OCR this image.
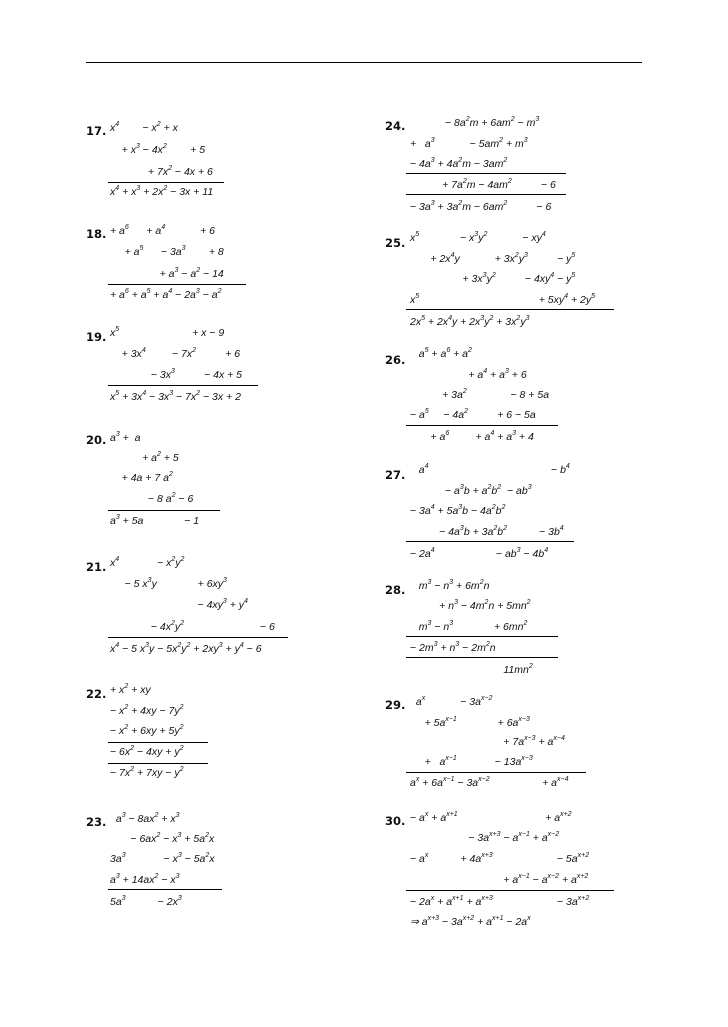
17. $x^4$        − $x^2 + x$
+ $x^3 - 4x^2$        + 5
+ $7x^2 - 4x + 6$
$x^4 + x^3 + 2x^2 - 3x + 11$
18. + $a^6$      + $a^4$            + 6
+ $a^5$      − $3a^3$        + 8
+ $a^3 - a^2 - 14$
+ $a^6 + a^5 + a^4 - 2a^3 - a^2$
19. $x^5$                         + x − 9
+ $3x^4$         − $7x^2$          + 6
− $3x^3$          − 4x + 5
$x^5 + 3x^4 - 3x^3 - 7x^2 - 3x + 2$
20. $a^3 + a$
+ $a^2 + 5$
+ 4a + 7 $a^2$
− 8 $a^2 - 6$
$a^3 + 5a$              − 1
21. $x^4$             − $x^2y^2$
− 5 $x^3y$              + $6xy^3$
− $4xy^3 + y^4$
− $4x^2y^2$                          − 6
$x^4 - 5$ $x^3y - 5x^2y^2 + 2xy^3 + y^4 - 6$
22. + $x^2$ + xy
− $x^2 + 4xy - 7y^2$
− $x^2 + 6xy + 5y^2$
− $6x^2 - 4xy + y^2$
− $7x^2 + 7xy - y^2$
23. $a^3 - 8ax^2 + x^3$
− $6ax^2 - x^3 + 5a^2x$
$3a^3$             − $x^3 - 5a^2x$
$a^3 + 14ax^2 - x^3$
$5a^3$           − $2x^3$
24. − $8a^2m + 6am^2 - m^3$
+   $a^3$            − $5am^2 + m^3$
− $4a^3 + 4a^2m - 3am^2$
+ $7a^2m - 4am^2$          − 6
− $3a^3 + 3a^2m - 6am^2$          − 6
25. $x^5$              − $x^3y^2$            − $xy^4$
+ $2x^4y$            + $3x^2y^3$          − $y^5$
+ $3x^3y^2$          − $4xy^4 - y^5$
$x^5$                                         + $5xy^4 + 2y^5$
$2x^5 + 2x^4y + 2x^3y^2 + 3x^2y^3$
26. $a^5 + a^6 + a^2$
+ $a^4 + a^3 + 6$
+ $3a^2$               − 8 + 5a
− $a^5$     − $4a^2$          + 6 − 5a
+ $a^6$         + $a^4 + a^3 + 4$
27. $a^4$                                          − $b^4$
− $a^3b + a^2b^2 - ab^3$
− $3a^4 + 5a^3b - 4a^2b^2$
− $4a^3b + 3a^2b^2$           − $3b^4$
− $2a^4$                     − $ab^3 - 4b^4$
28. $m^3 - n^3 + 6m^2n$
+ $n^3 - 4m^2n + 5mn^2$
$m^3 - n^3$              + $6mn^2$
− $2m^3 + n^3 - 2m^2n$
$11mn^2$
29. $a^x$            − $3a^{x-2}$
+ $5a^{x-1}$              + $6a^{x-3}$
+ $7a^{x-3} + a^{x-4}$
+   $a^{x-1}$             − $13a^{x-3}$
$a^x + 6a^{x-1} - 3a^{x-2}$                  + $a^{x-4}$
30. − $a^x + a^{x+1}$                              + $a^{x+2}$
− $3a^{x+3} - a^{x-1} + a^{x-2}$
− $a^x$           + $4a^{x+3}$                      − $5a^{x+2}$
+ $a^{x-1} - a^{x-2} + a^{x+2}$
− $2a^x + a^{x+1} + a^{x+3}$                      − $3a^{x+2}$
⇒ $a^{x+3} - 3a^{x+2} + a^{x+1} - 2a^x$
